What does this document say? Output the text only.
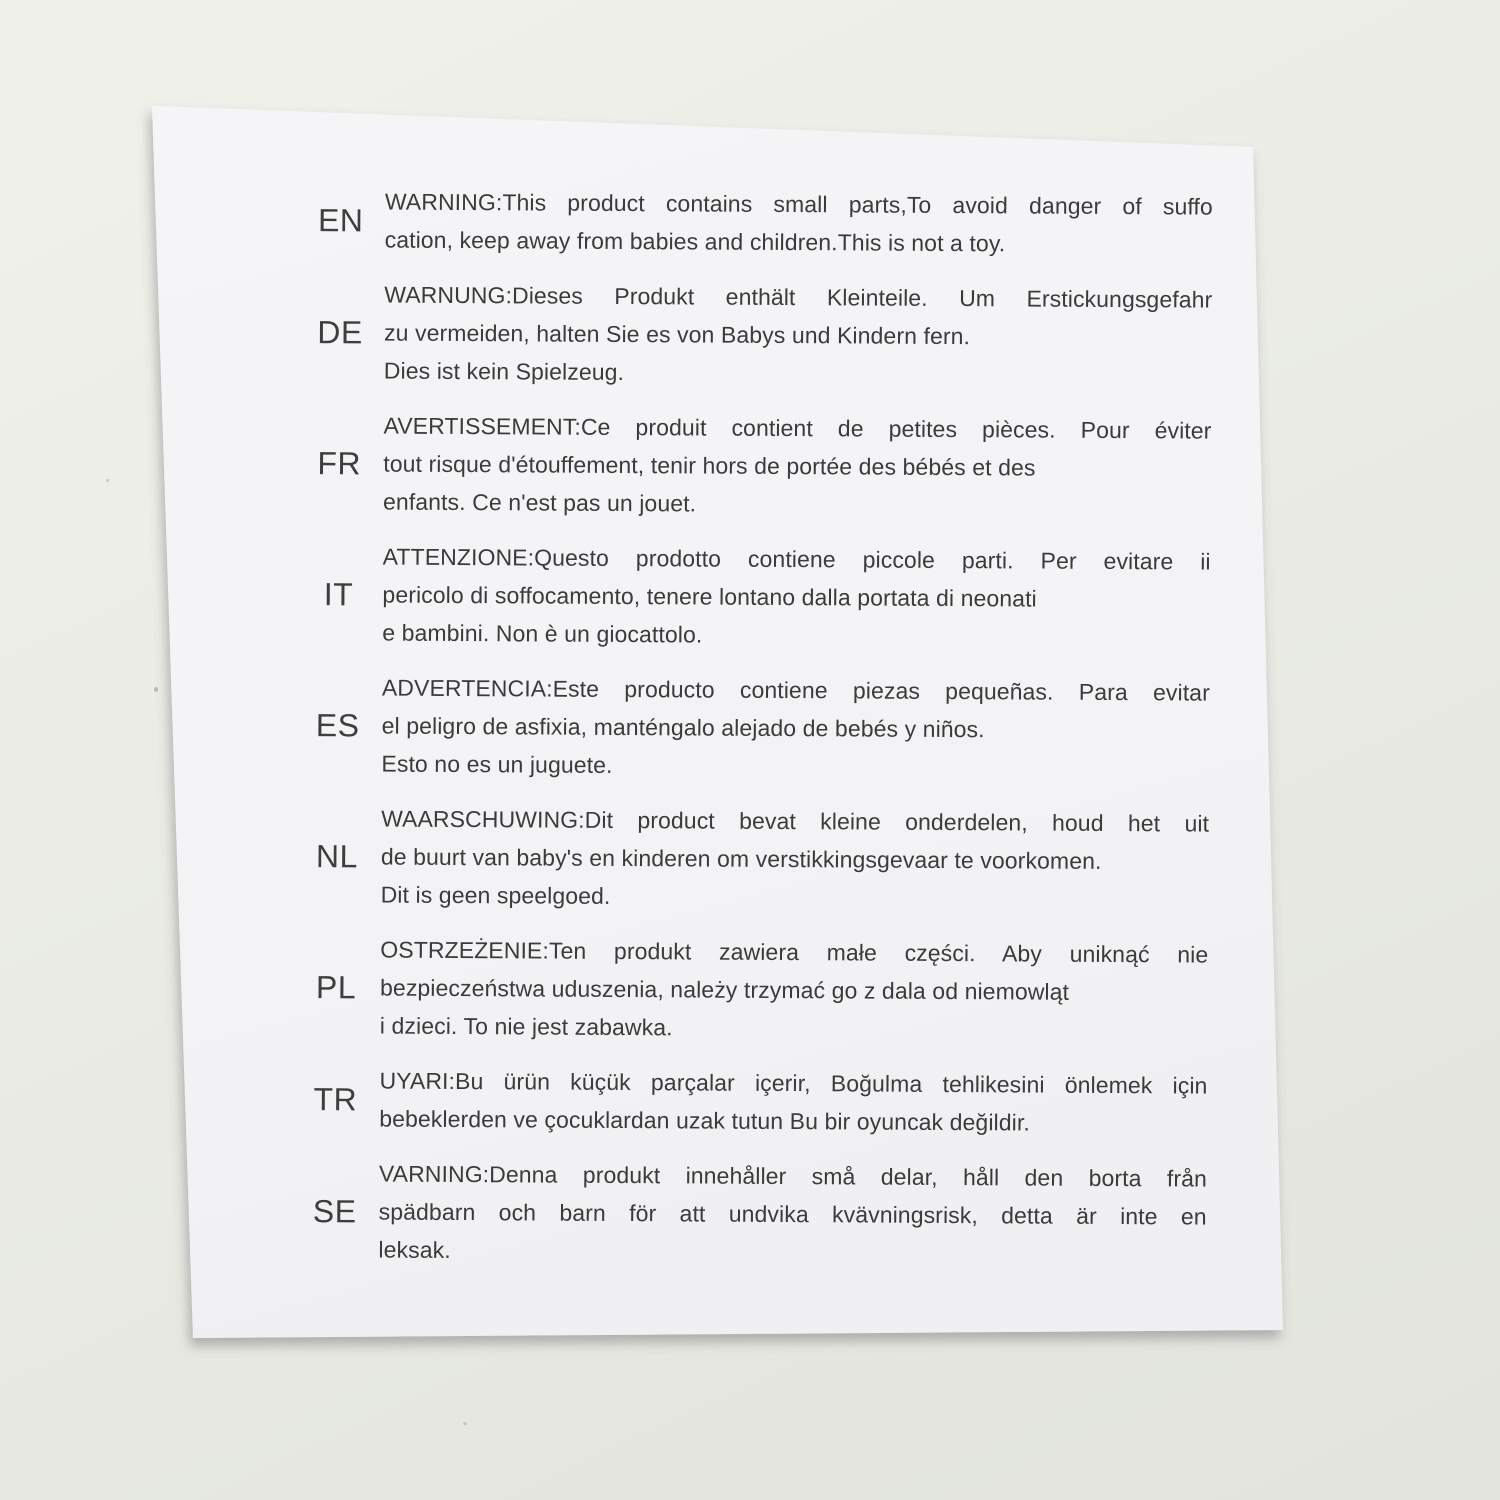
EN WARNING:This product contains small parts,To avoid danger of suffo
cation, keep away from babies and children.This is not a toy.
DE
WARNUNG:Dieses Produkt enthält Kleinteile. Um Erstickungsgefahr
zu vermeiden, halten Sie es von Babys und Kindern fern.
Dies ist kein Spielzeug.
FR
AVERTISSEMENT:Ce produit contient de petites pièces. Pour éviter
tout risque d'étouffement, tenir hors de portée des bébés et des
enfants. Ce n'est pas un jouet.
IT
ATTENZIONE:Questo prodotto contiene piccole parti. Per evitare ii
pericolo di soffocamento, tenere lontano dalla portata di neonati
e bambini. Non è un giocattolo.
ES
ADVERTENCIA:Este producto contiene piezas pequeñas. Para evitar
el peligro de asfixia, manténgalo alejado de bebés y niños.
Esto no es un juguete.
NL
WAARSCHUWING:Dit product bevat kleine onderdelen, houd het uit
de buurt van baby's en kinderen om verstikkingsgevaar te voorkomen.
Dit is geen speelgoed.
PL
OSTRZEŻENIE:Ten produkt zawiera małe części. Aby uniknąć nie
bezpieczeństwa uduszenia, należy trzymać go z dala od niemowląt
i dzieci. To nie jest zabawka.
TR UYARI:Bu ürün küçük parçalar içerir, Boğulma tehlikesini önlemek için
bebeklerden ve çocuklardan uzak tutun Bu bir oyuncak değildir.
SE
VARNING:Denna produkt innehåller små delar, håll den borta från
spädbarn och barn för att undvika kvävningsrisk, detta är inte en
leksak.
